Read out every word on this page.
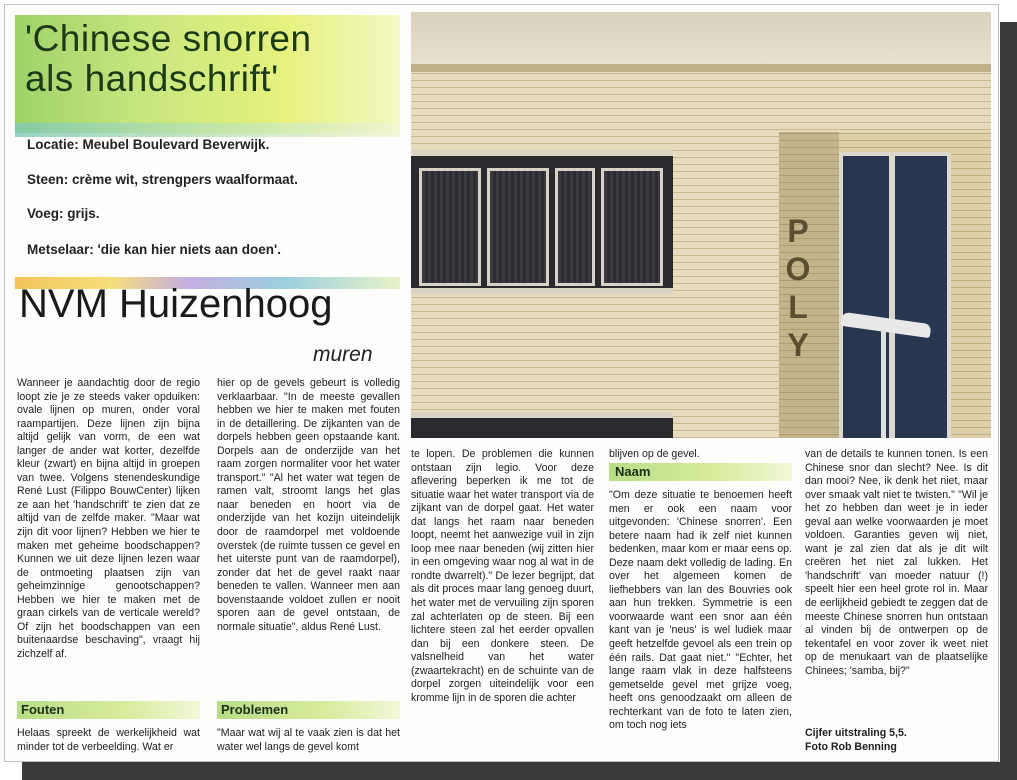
'Chinese snorren
als handschrift'

Locatie: Meubel Boulevard Beverwijk.

Steen: crème wit, strengpers waalformaat.

Voeg: grijs.

Metselaar: 'die kan hier niets aan doen'.

NVM Huizenhoog

muren

P
O
L
Y

Wanneer je aandachtig door de regio loopt zie je ze steeds vaker opduiken: ovale lijnen op muren, onder voral raampartijen. Deze lijnen zijn bijna altijd gelijk van vorm, de een wat langer de ander wat korter, dezelfde kleur (zwart) en bijna altijd in groepen van twee. Volgens stenendeskundige René Lust (Filippo BouwCenter) lijken ze aan het 'handschrift' te zien dat ze altijd van de zelfde maker. "Maar wat zijn dit voor lijnen? Hebben we hier te maken met geheime boodschappen? Kunnen we uit deze lijnen lezen waar de ontmoeting plaatsen zijn van geheimzinnige genootschappen? Hebben we hier te maken met de graan cirkels van de verticale wereld? Of zijn het boodschappen van een buitenaardse beschaving", vraagt hij zichzelf af.

Fouten

Helaas spreekt de werkelijkheid wat minder tot de verbeelding. Wat er

hier op de gevels gebeurt is volledig verklaarbaar. "In de meeste gevallen hebben we hier te maken met fouten in de detaillering. De zijkanten van de dorpels hebben geen opstaande kant. Dorpels aan de onderzijde van het raam zorgen normaliter voor het water transport." "Al het water wat tegen de ramen valt, stroomt langs het glas naar beneden en hoort via de onderzijde van het kozijn uiteindelijk door de raamdorpel met voldoende overstek (de ruimte tussen ce gevel en het uiterste punt van de raamdorpel), zonder dat het de gevel raakt naar beneden te vallen. Wanneer men aan bovenstaande voldoet zullen er nooit sporen aan de gevel ontstaan, de normale situatie", aldus René Lust.

Problemen

"Maar wat wij al te vaak zien is dat het water wel langs de gevel komt

te lopen. De problemen die kunnen ontstaan zijn legio. Voor deze aflevering beperken ik me tot de situatie waar het water transport via de zijkant van de dorpel gaat. Het water dat langs het raam naar beneden loopt, neemt het aanwezige vuil in zijn loop mee naar beneden (wij zitten hier in een omgeving waar nog al wat in de rondte dwarrelt)." De lezer begrijpt, dat als dit proces maar lang genoeg duurt, het water met de vervuiling zijn sporen zal achterlaten op de steen. Bij een lichtere steen zal het eerder opvallen dan bij een donkere steen. De valsnelheid van het water (zwaartekracht) en de schuinte van de dorpel zorgen uiteindelijk voor een kromme lijn in de sporen die achter

blijven op de gevel.

Naam

"Om deze situatie te benoemen heeft men er ook een naam voor uitgevonden: 'Chinese snorren'. Een betere naam had ik zelf niet kunnen bedenken, maar kom er maar eens op. Deze naam dekt volledig de lading. En over het algemeen komen de liefhebbers van lan des Bouvries ook aan hun trekken. Symmetrie is een voorwaarde want een snor aan één kant van je 'neus' is wel ludiek maar geeft hetzelfde gevoel als een trein op één rails. Dat gaat niet." "Echter, het lange raam vlak in deze halfsteens gemetselde gevel met grijze voeg, heeft ons genoodzaakt om alleen de rechterkant van de foto te laten zien, om toch nog iets

van de details te kunnen tonen. Is een Chinese snor dan slecht? Nee. Is dit dan mooi? Nee, ik denk het niet, maar over smaak valt niet te twisten." "Wil je het zo hebben dan weet je in ieder geval aan welke voorwaarden je moet voldoen. Garanties geven wij niet, want je zal zien dat als je dit wilt creëren het niet zal lukken. Het 'handschrift' van moeder natuur (!) speelt hier een heel grote rol in. Maar de eerlijkheid gebiedt te zeggen dat de meeste Chinese snorren hun ontstaan al vinden bij de ontwerpen op de tekentafel en voor zover ik weet niet op de menukaart van de plaatselijke Chinees; 'samba, bij?"

Cijfer uitstraling 5,5.

Foto Rob Benning
